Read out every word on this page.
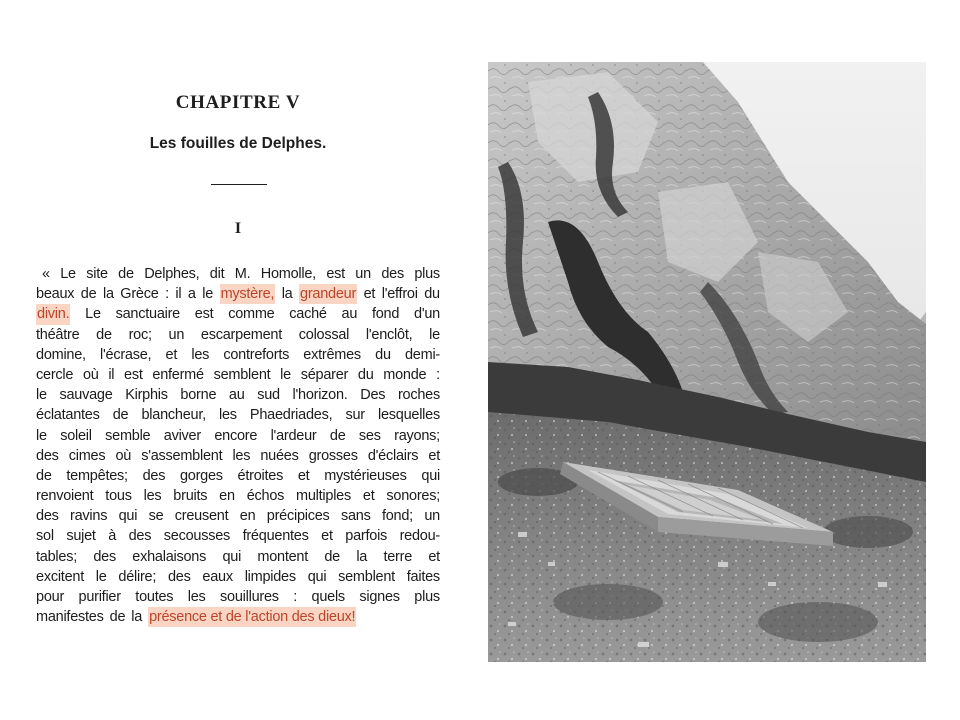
CHAPITRE V
Les fouilles de Delphes.
I
« Le site de Delphes, dit M. Homolle, est un des plus
beaux de la Grèce : il a le mystère, la grandeur et l'effroi du
divin. Le sanctuaire est comme caché au fond d'un
théâtre de roc; un escarpement colossal l'enclôt, le
domine, l'écrase, et les contreforts extrêmes du demi-
cercle où il est enfermé semblent le séparer du monde :
le sauvage Kirphis borne au sud l'horizon. Des roches
éclatantes de blancheur, les Phaedriades, sur lesquelles
le soleil semble aviver encore l'ardeur de ses rayons;
des cimes où s'assemblent les nuées grosses d'éclairs et
de tempêtes; des gorges étroites et mystérieuses qui
renvoient tous les bruits en échos multiples et sonores;
des ravins qui se creusent en précipices sans fond; un
sol sujet à des secousses fréquentes et parfois redou-
tables; des exhalaisons qui montent de la terre et
excitent le délire; des eaux limpides qui semblent faites
pour purifier toutes les souillures : quels signes plus
manifestes de la présence et de l'action des dieux!
